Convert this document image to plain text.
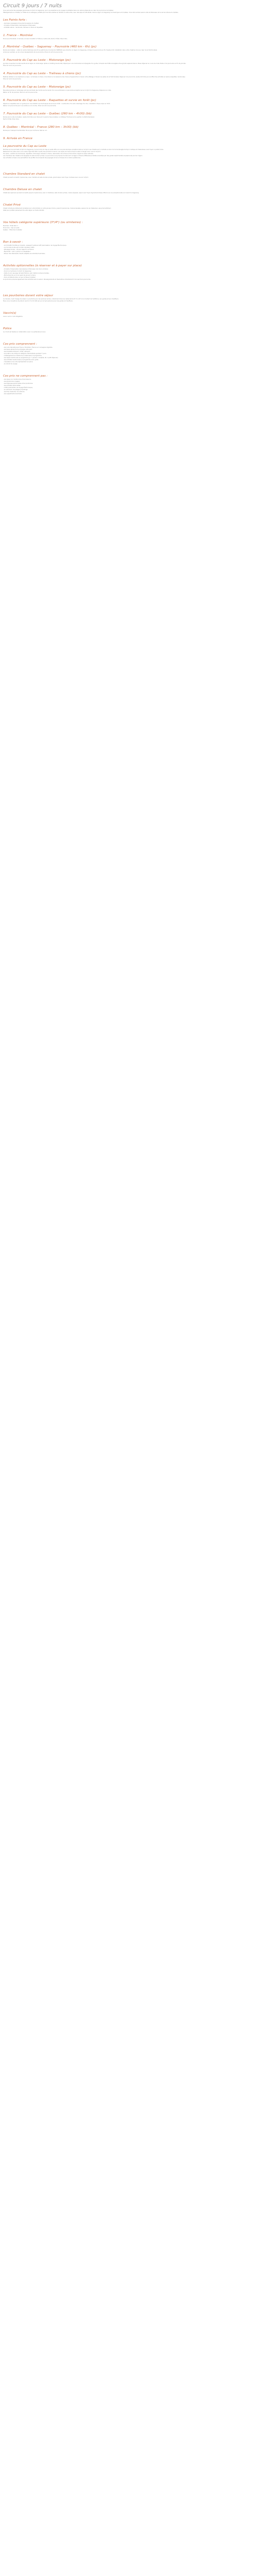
Circuit 9 jours / 7 nuits

Vous parcourrez les paysages grandioses du fjord du Saguenay, pour une expérience de voyage inoubliable dans une nature préservée au cœur de la province du Québec.

Hébergements en chalets, en hôtels et en auberges, parfaits pour les découvertes en famille ou entre amis, avec des séjours à Montréal, dans la région du Saguenay Lac-Saint-Jean et à Québec. Vous découvrirez aussi la ville de Tadoussac et la vie de la faune du Québec.

Les Points forts :

- Les beaux paysages et les grands espaces du Québec

- Croisière d'observation des baleines à Tadoussac

- Activités nature : randonnée, traîneau à chiens et raquettes

1. France – Montréal

Envol pour Montréal. À l'arrivée, accueil, transfert à l'hôtel au centre-ville. Nuit à l'hôtel. Dîner libre.

2. Montréal – Québec – Saguenay – Pourvoirie (460 km - 6h) (pc)

Route vers Québec : visite du centre historique (inscrit au patrimoine mondial de l'UNESCO) puis direction la région du Saguenay. Arrivée à la pourvoirie en fin d'après-midi. Installation dans votre chalet en bois au cœur de la forêt boréale.

Accès aux sentiers, au lac et aux équipements de la pourvoirie. Dîner et nuit à la pourvoirie.

3. Pourvoirie du Cap au Leste – Motoneige (pc)

Journée consacrée à la découverte de la région en motoneige. Après un briefing de sécurité, départ pour une randonnée accompagnée d'un guide, à travers les forêts enneigées et les grands espaces blancs. Pause déjeuner en cours de route. Retour à la pourvoirie en fin de journée.

Dîner et nuit à la pourvoirie.

4. Pourvoirie du Cap au Leste – Traîneau à chiens (pc)

Matinée dédiée à une expérience unique : le traîneau à chiens. Vous ferez la connaissance des chiens et apprendrez à mener votre attelage à travers les pistes de la forêt boréale. Déjeuner à la pourvoirie. Après-midi libre pour profiter des activités sur place (raquettes, randonnée).

Dîner et nuit à la pourvoirie.

5. Pourvoirie du Cap au Leste – Motoneige (pc)

Nouvelle journée en motoneige vers les sommets des monts environnants d'où vous admirerez un panorama exceptionnel sur le fjord du Saguenay. Déjeuner en route.

Retour en fin de journée, dîner et nuit à la pourvoirie.

6. Pourvoirie du Cap au Leste – Raquettes et survie en forêt (pc)

Départ en raquettes avec un guide pour une initiation aux techniques de survie en forêt : construction d'un abri, allumage d'un feu, orientation. Pique-nique en forêt.

Retour à la pourvoirie pour une soirée au coin du feu. Dîner et nuit à la pourvoirie.

7. Pourvoirie du Cap au Leste – Québec (260 km – 4h30) (bb)

Route vers la ville de Québec. Après-midi libre pour découvrir à pied le Vieux-Québec, le Château Frontenac et le quartier du Petit-Champlain.

Nuit à l'hôtel. Dîner libre.

8. Québec – Montréal – France (280 km – 3h30) (bb)

Route pour l'aéroport de Montréal. Envol pour la France. Nuit en vol.

9. Arrivée en France
La pourvoirie du Cap au Leste

Perchée sur les sommets du fjord du Saguenay, la pourvoirie du Cap au Leste offre une vue panoramique exceptionnelle sur le fjord. Les chalets sont construits en bois rond et aménagés de façon rustique et chaleureuse, avec foyer ou poêle à bois.

Restaurant sur place avec une cuisine régionale faite à partir des produits du terroir. Les repas sont servis dans la salle à manger avec vue sur le fjord.

Sur place : sentiers de randonnée, raquettes, motoneige, traîneau à chiens, observation de la faune et de la flore, kayak en saison estivale.

Les chambres des chalets sont équipées de salle de bain privée. La pourvoirie vous propose de découvrir la région à travers différentes activités encadrées par des guides expérimentés et passionnés par leur région.

Les activités incluses vous permettront de profiter de la beauté des paysages et de la richesse de la nature québécoise.

Chambre Standard en chalet

Chalet pouvant accueillir 2 personnes, avec chambre et salle de bain privée, grand séjour avec foyer, terrasse avec vue sur le fjord.

Chambre Deluxe en chalet

Chalet plus spacieux pouvant accueillir jusqu'à 4 personnes, avec 2 chambres, salle de bain privée, cuisine équipée, séjour avec foyer et grande terrasse offrant une vue exceptionnelle sur le fjord du Saguenay.

Chalet Privé

Chalet individuel entièrement privatisé pour votre famille ou votre groupe d'amis, jusqu'à 6 personnes. Cuisine équipée, espace de vie chaleureux, spa privé extérieur.

Idéal pour profiter pleinement de votre séjour en toute intimité.

Vos hôtels catégorie supérieure (3*/4*) (ou similaires) :

Montréal : Hôtel Zéro 1

Pourvoirie : Cap au Leste

Québec : Hôtel des Coutellier

Bon à savoir :

- Le formalité d'entrée au Canada : passeport valide et AVE (Autorisation de Voyage Électronique).

- La monnaie locale est le dollar canadien (CAD).

- Décalage horaire : -6h par rapport à la France.

- Électricité : 110 V, prévoir un adaptateur.

- Prévoir des vêtements chauds adaptés aux activités hivernales.

Activités optionnelles (à réserver et à payer sur place)

- Croisière d'observation des baleines à Tadoussac (de mai à octobre).

- Survol en hydravion du fjord du Saguenay.

- Visite du zoo sauvage de Saint-Félicien, parc dédié à la faune boréale.

- Pêche blanche sur le lac gelé (de janvier à mars).

- Soins et détente dans un spa nordique à Québec.

La pourvoirie propose également des activités selon la saison. Renseignements et réservations directement à l'accueil de la pourvoirie.

Les pourboires durant votre séjour

Au Canada, il est d'usage de laisser un pourboire pour les services rendus, notamment dans les restaurants (15 % à 20 % du montant de l'addition), aux guides et aux chauffeurs.

Nous vous conseillons de prévoir environ 5 à 10 CAD par jour et par personne pour les guides et chauffeurs.

Vaccin(s)

Aucun vaccin n'est obligatoire.

Police

Le circuit est réalisé en collaboration avec nos partenaires locaux.

Ces prix comprennent :

- Les vols internationaux France / Montréal / France sur compagnie régulière.

- Les taxes aéroport et surcharges carburant.

- Les transferts aéroport / hôtel / aéroport.

- La location de voiture de catégorie intermédiaire pendant 7 jours.

- L'hébergement en hôtels et en chalet selon le programme.

- Les repas mentionnés au programme (pc = pension complète, bb = petit déjeuner).

- Les activités mentionnées au programme avec guide.

- L'assistance de notre représentant sur place.

- Le carnet de voyage.

Ces prix ne comprennent pas :

- Les repas non mentionnés et les boissons.

- Les assurances voyages.

- Les dépenses personnelles et les pourboires.

- Les activités optionnelles.

- L'AVE (Autorisation de Voyage Électronique).

- Le carburant, les péages et parkings.

- Les frais d'abandon de véhicule.

- Les suppléments éventuels.
